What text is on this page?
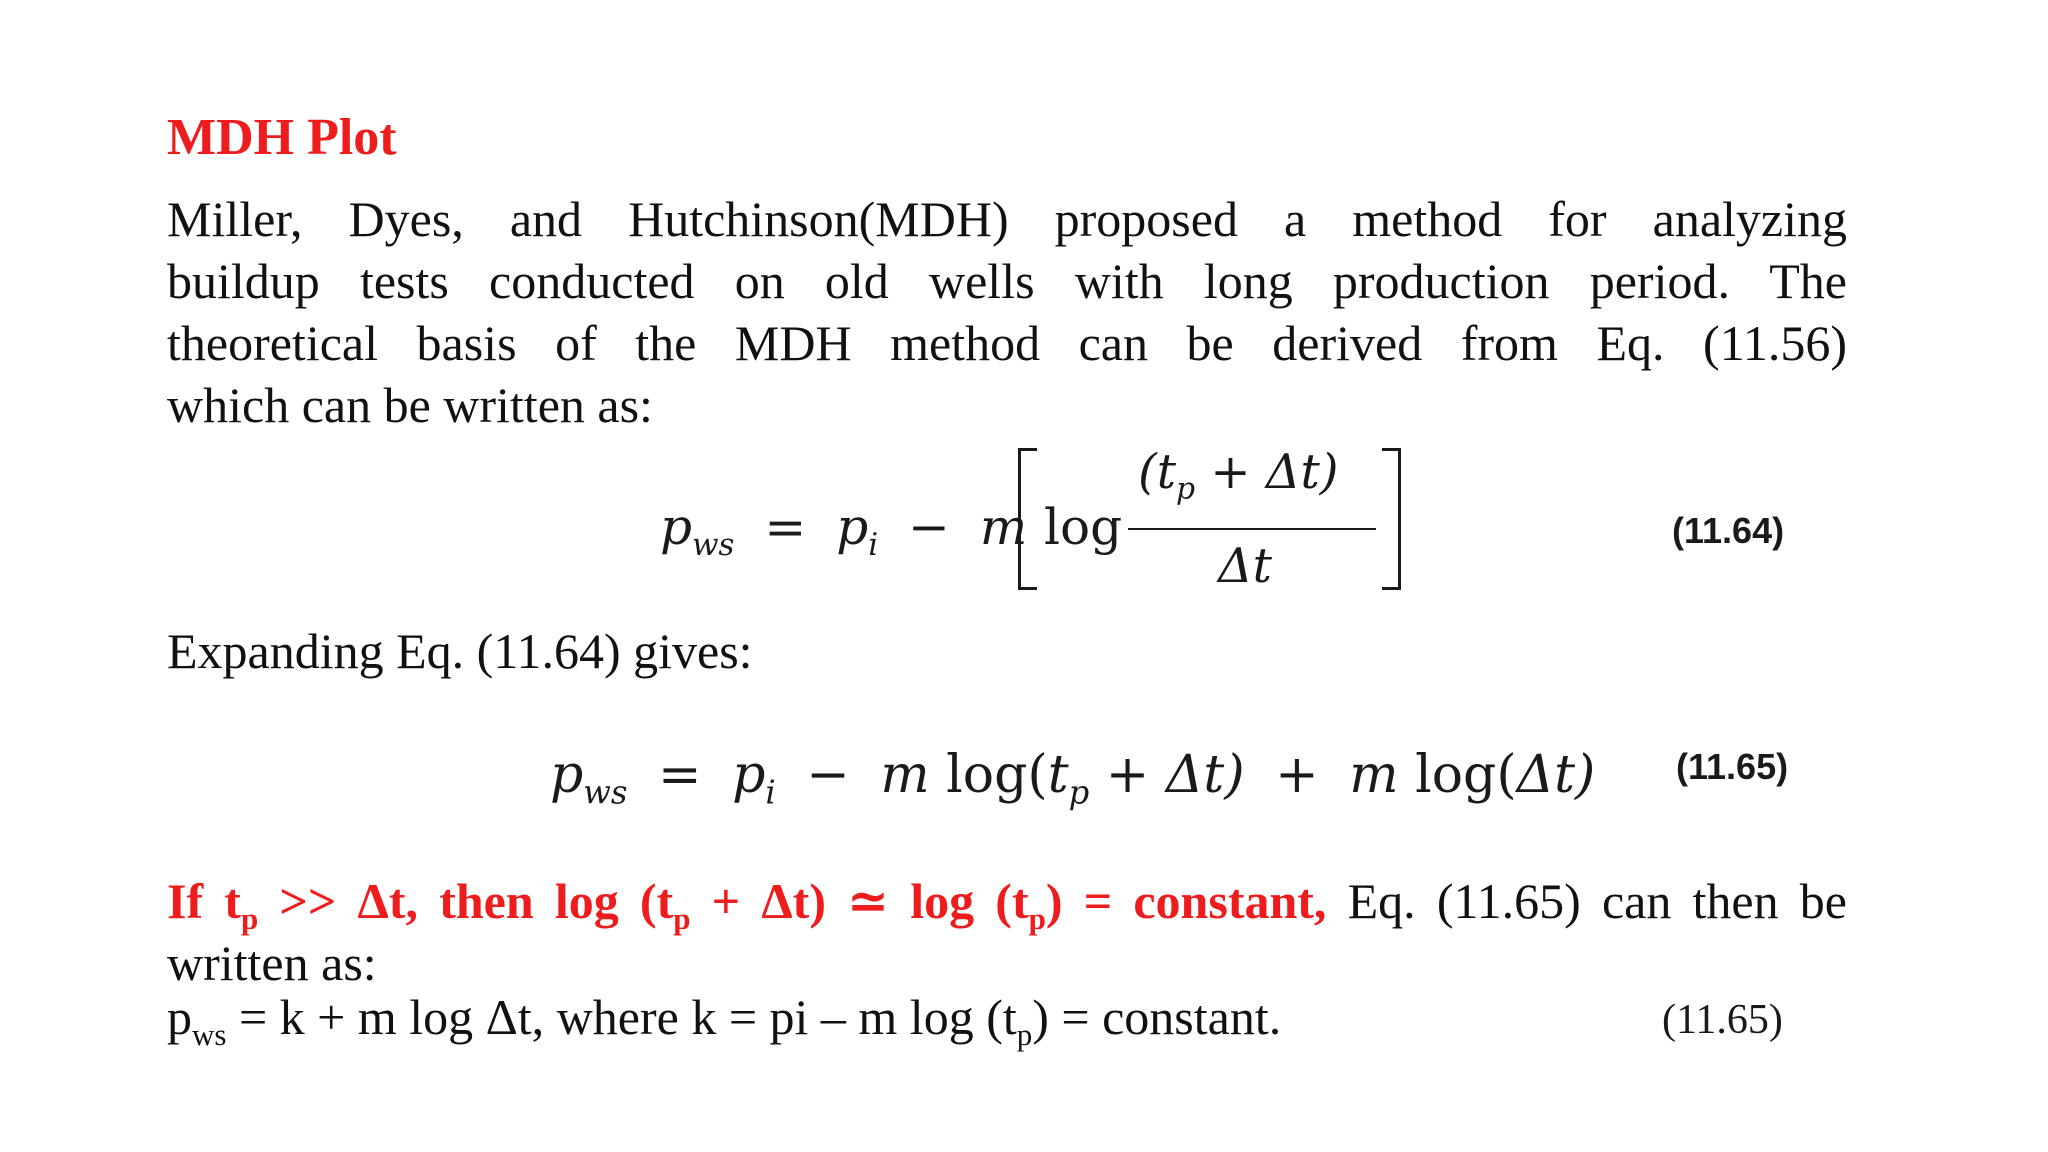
MDH Plot
Miller, Dyes, and Hutchinson(MDH) proposed a method for analyzing
buildup tests conducted on old wells with long production period. The
theoretical basis of the MDH method can be derived from Eq. (11.56)
which can be written as:
$p_{ws} = p_i - m$ log
$(t_p + \Delta t)$
Δt
(11.64)
Expanding Eq. (11.64) gives:
$p_{ws} = p_i - m$ $\log(t_p + \Delta t) + m$ log(Δt) (11.65)
If $t_p >> \Delta t$, then $\log (t_p + \Delta t)$ ≃ $\log (t_p)$ = constant, Eq. (11.65) can then be
written as:
$p_{ws} = k + m$ log Δt, where k = pi – m $\log (t_p)$ = constant.	(11.65)
